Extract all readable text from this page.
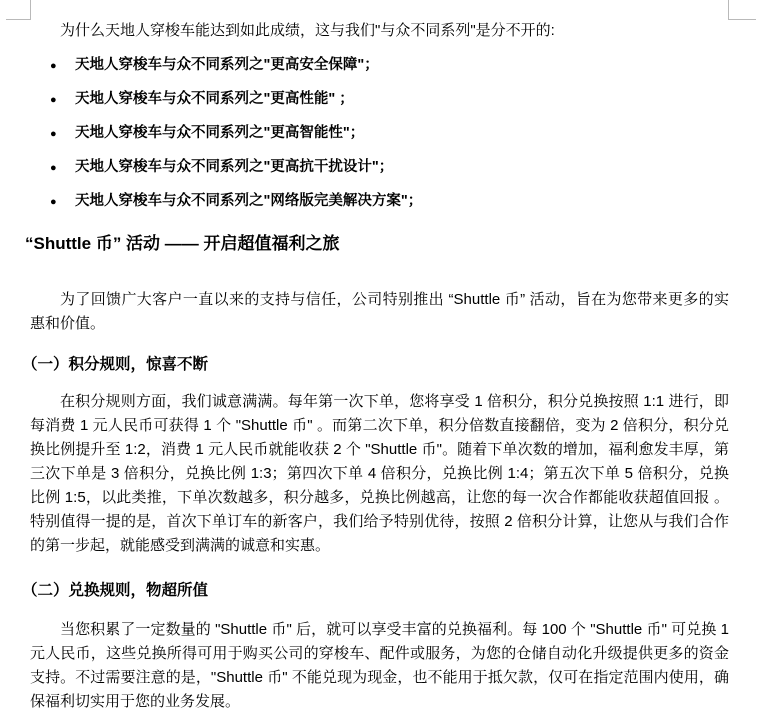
为什么天地人穿梭车能达到如此成绩，这与我们"与众不同系列"是分不开的:

●	天地人穿梭车与众不同系列之"更高安全保障"；
●	天地人穿梭车与众不同系列之"更高性能" ；
●	天地人穿梭车与众不同系列之"更高智能性"；
●	天地人穿梭车与众不同系列之"更高抗干扰设计"；
●	天地人穿梭车与众不同系列之"网络版完美解决方案"；
“Shuttle 币” 活动 —— 开启超值福利之旅

为了回馈广大客户一直以来的支持与信任，公司特别推出 “Shuttle 币” 活动，旨在为您带来更多的实惠和价值。

（一）积分规则，惊喜不断

在积分规则方面，我们诚意满满。每年第一次下单，您将享受 1 倍积分，积分兑换按照 1:1 进行，即每消费 1 元人民币可获得 1 个 "Shuttle 币" 。而第二次下单，积分倍数直接翻倍，变为 2 倍积分，积分兑换比例提升至 1:2，消费 1 元人民币就能收获 2 个 "Shuttle 币"。随着下单次数的增加，福利愈发丰厚，第三次下单是 3 倍积分，兑换比例 1:3；第四次下单 4 倍积分，兑换比例 1:4；第五次下单 5 倍积分，兑换比例 1:5，以此类推，下单次数越多，积分越多，兑换比例越高，让您的每一次合作都能收获超值回报 。特别值得一提的是，首次下单订车的新客户，我们给予特别优待，按照 2 倍积分计算，让您从与我们合作的第一步起，就能感受到满满的诚意和实惠。

（二）兑换规则，物超所值

当您积累了一定数量的 "Shuttle 币" 后，就可以享受丰富的兑换福利。每 100 个 "Shuttle 币" 可兑换 1 元人民币，这些兑换所得可用于购买公司的穿梭车、配件或服务，为您的仓储自动化升级提供更多的资金支持。不过需要注意的是，"Shuttle 币" 不能兑现为现金，也不能用于抵欠款，仅可在指定范围内使用，确保福利切实用于您的业务发展。
